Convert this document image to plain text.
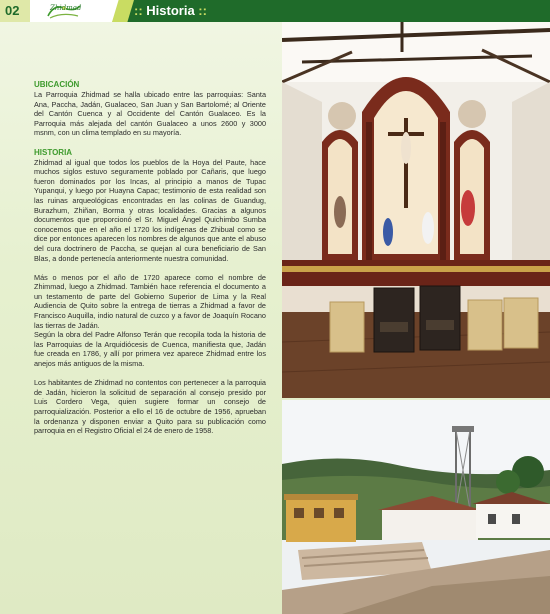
02	Zhidmad	:: Historia ::
UBICACIÓN

La Parroquia Zhidmad se halla ubicado entre las parroquias: Santa Ana, Paccha, Jadán, Gualaceo, San Juan y San Bartolomé; al Oriente del Cantón Cuenca y al Occidente del Cantón Gualaceo. Es la Parroquia más alejada del cantón Gualaceo a unos 2600 y 3000 msnm, con un clima templado en su mayoría.

HISTORIA

Zhidmad al igual que todos los pueblos de la Hoya del Paute, hace muchos siglos estuvo seguramente poblado por Cañaris, que luego fueron dominados por los Incas, al principio a manos de Tupac Yupanqui, y luego por Huayna Capac; testimonio de esta realidad son las ruinas arqueológicas encontradas en las colinas de Guandug, Burazhum, Zhiñan, Borma y otras localidades. Gracias a algunos documentos que proporcionó el Sr. Miguel Ángel Quichimbo Sumba conocemos que en el año el 1720 los indígenas de Zhibual como se dice por entonces aparecen los nombres de algunos que ante el abuso del cura doctrinero de Paccha, se quejan al cura beneficiario de San Blas, a donde pertenecía anteriormente nuestra comunidad.

Más o menos por el año de 1720 aparece como el nombre de Zhimmad, luego a Zhidmad. También hace referencia el documento a un testamento de parte del Gobierno Superior de Lima y la Real Audiencia de Quito sobre la entrega de tierras a Zhidmad a favor de Francisco Auquilla, indio natural de cuzco y a favor de Joaquín Rocano las tierras de Jadán.

Según la obra del Padre Alfonso Terán que recopila toda la historia de las Parroquias de la Arquidiócesis de Cuenca, manifiesta que, Jadán fue creada en 1786, y allí por primera vez aparece Zhidmad entre los anejos más antiguos de la misma.

Los habitantes de Zhidmad no contentos con pertenecer a la parroquia de Jadán, hicieron la solicitud de separación al consejo presido por Luis Cordero Vega, quien sugiere formar un consejo de parroquialización. Posterior a ello el 16 de octubre de 1956, aprueban la ordenanza y disponen enviar a Quito para su publicación como parroquia en el Registro Oficial el 24 de enero de 1958.
